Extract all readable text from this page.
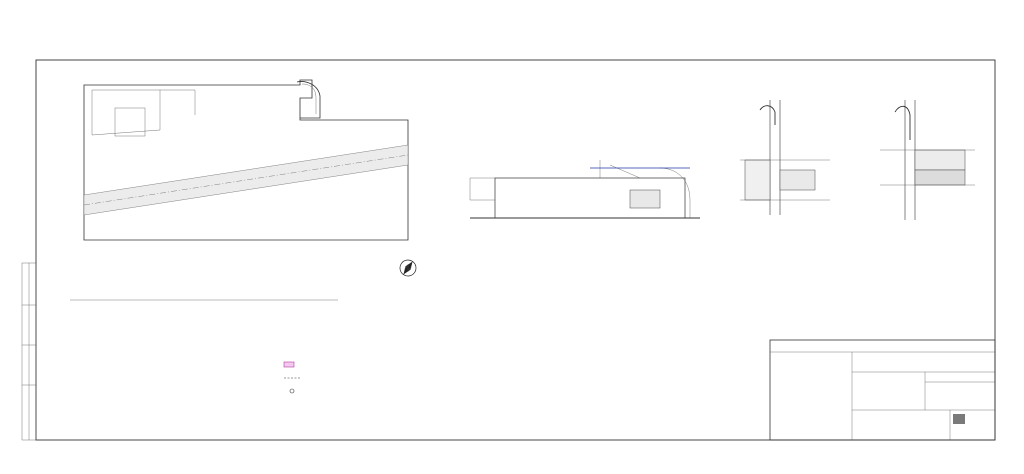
N
